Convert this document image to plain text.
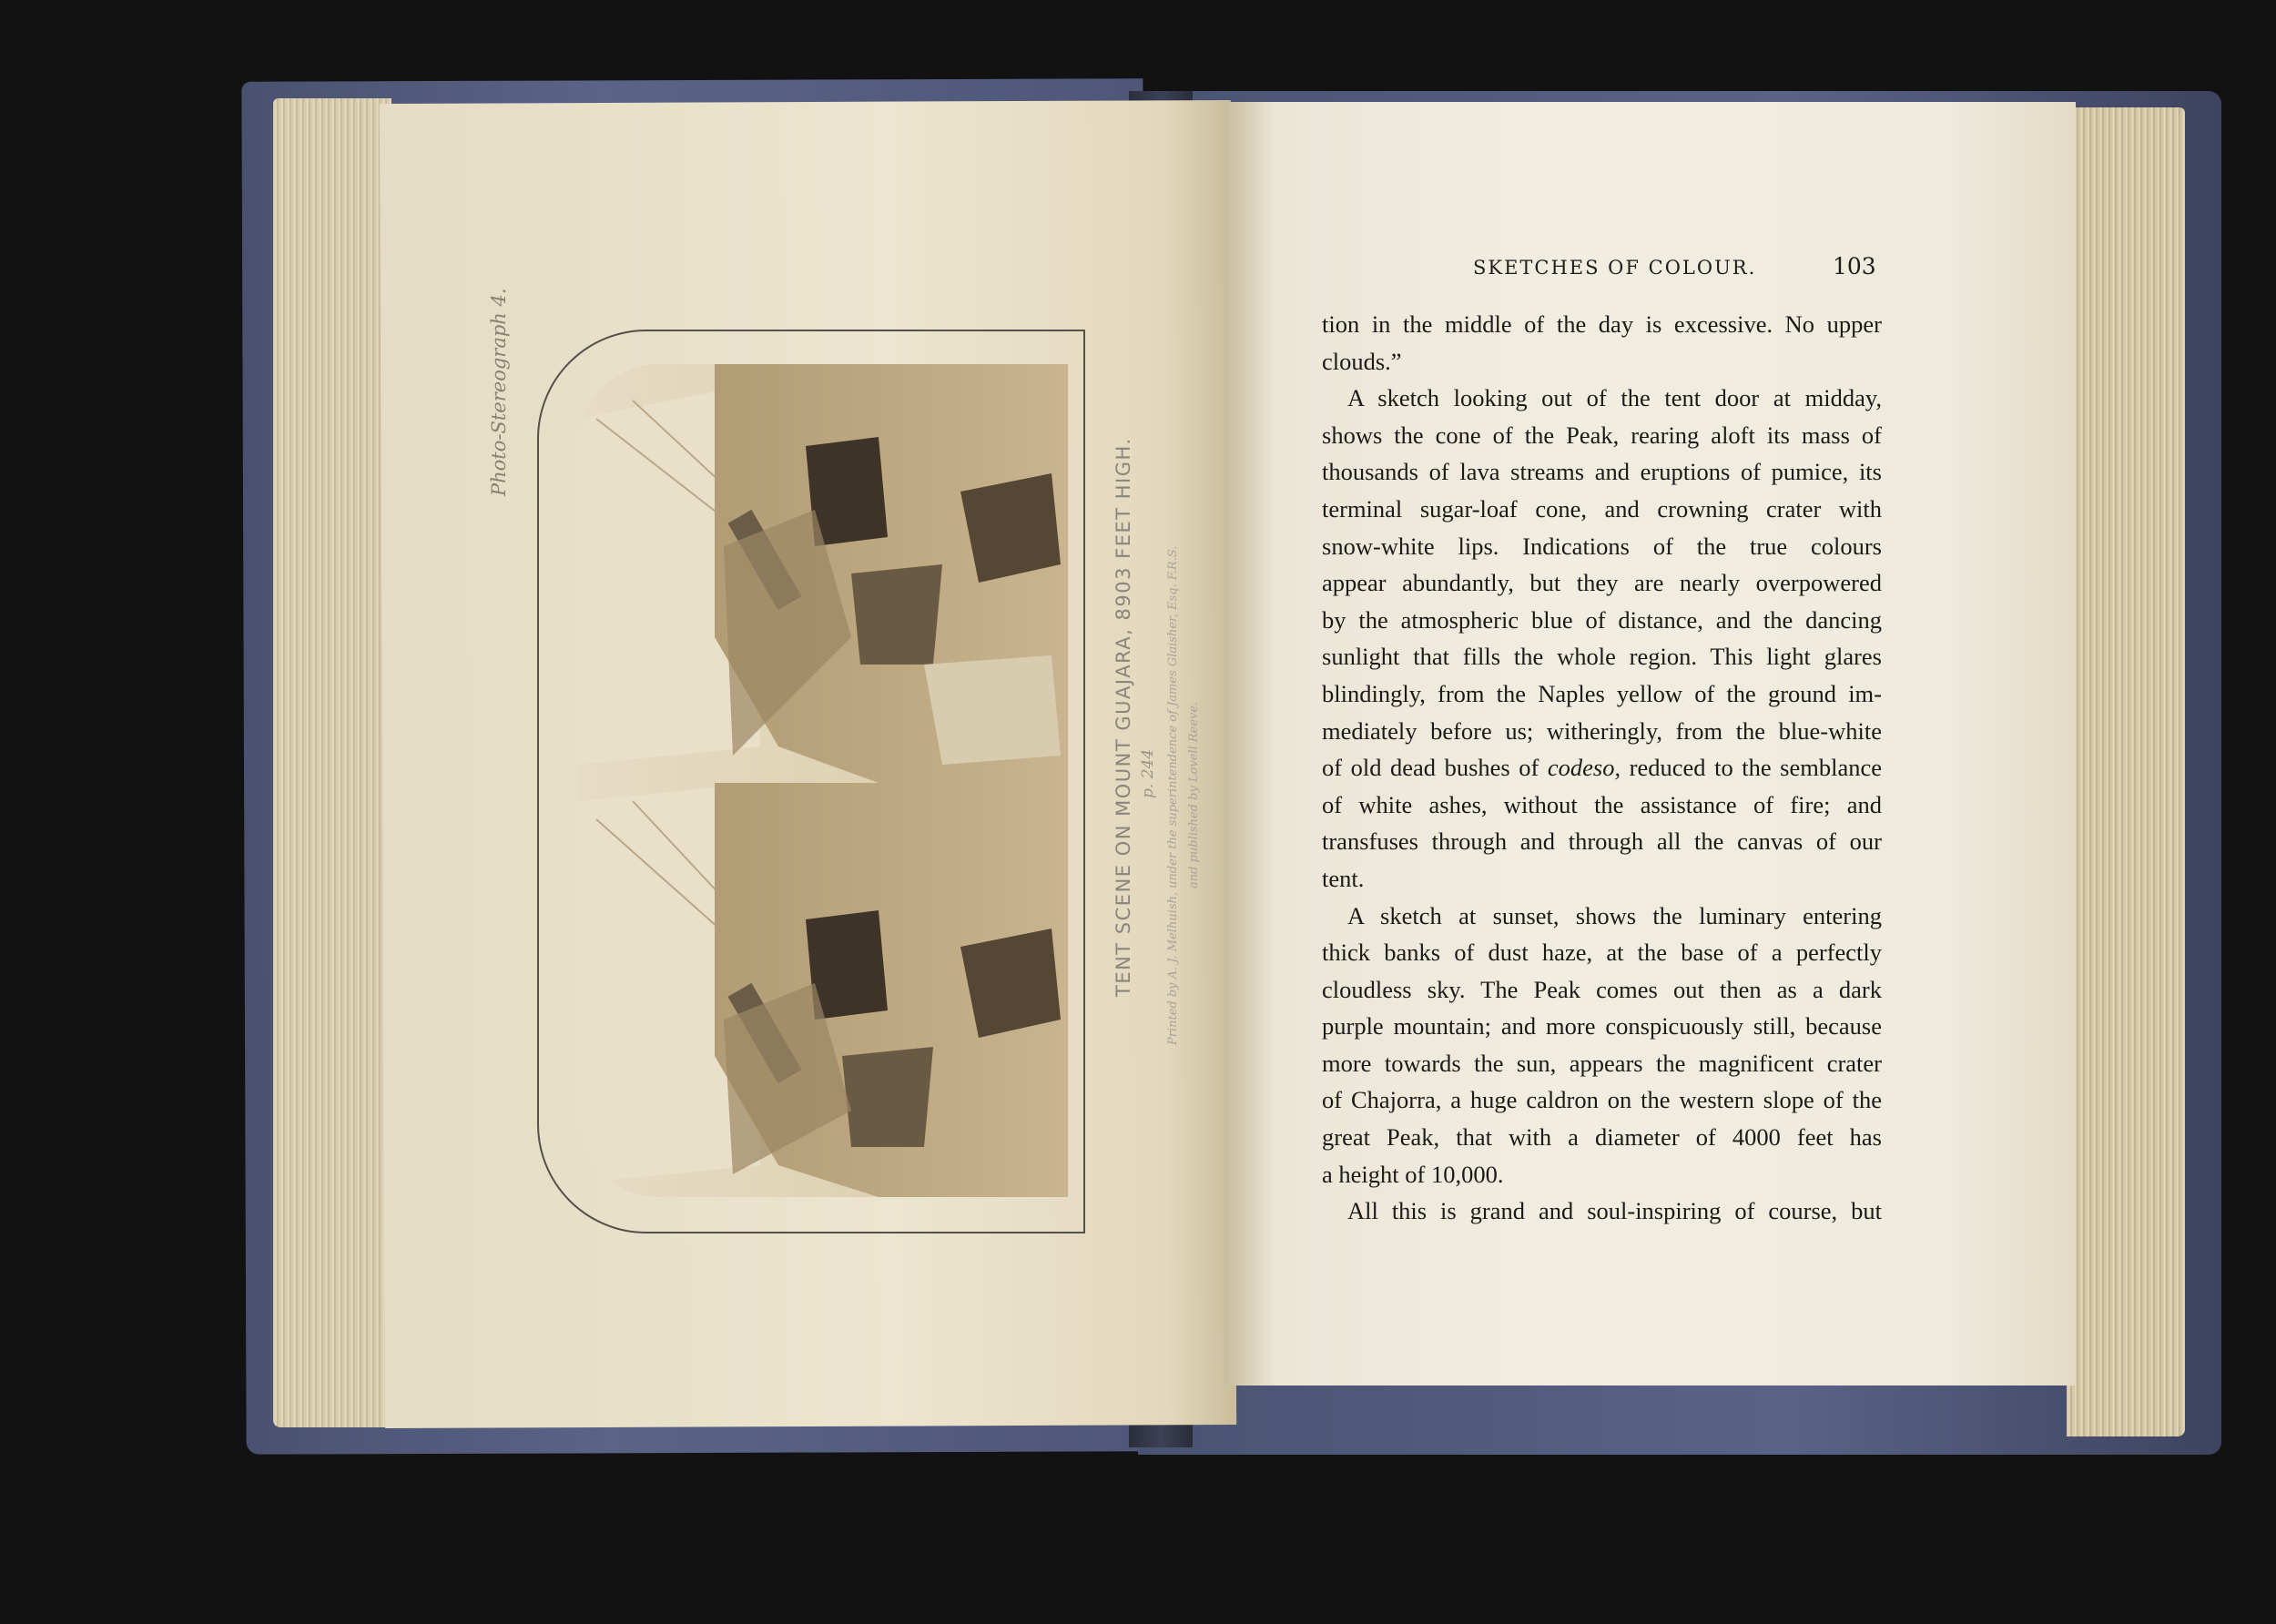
Photo-Stereograph 4.
TENT SCENE ON MOUNT GUAJARA, 8903 FEET HIGH. p. 244 Printed by A. J. Melhuish, under the superintendence of James Glaisher, Esq. F.R.S. and published by Lovell Reeve.
SKETCHES OF COLOUR.	103
tion in the middle of the day is excessive. No upper
clouds.”
A sketch looking out of the tent door at midday,
shows the cone of the Peak, rearing aloft its mass of
thousands of lava streams and eruptions of pumice, its
terminal sugar-loaf cone, and crowning crater with
snow-white lips. Indications of the true colours
appear abundantly, but they are nearly overpowered
by the atmospheric blue of distance, and the dancing
sunlight that fills the whole region. This light glares
blindingly, from the Naples yellow of the ground im-
mediately before us; witheringly, from the blue-white
of old dead bushes of codeso, reduced to the semblance
of white ashes, without the assistance of fire; and
transfuses through and through all the canvas of our
tent.
A sketch at sunset, shows the luminary entering
thick banks of dust haze, at the base of a perfectly
cloudless sky. The Peak comes out then as a dark
purple mountain; and more conspicuously still, because
more towards the sun, appears the magnificent crater
of Chajorra, a huge caldron on the western slope of the
great Peak, that with a diameter of 4000 feet has
a height of 10,000.
All this is grand and soul-inspiring of course, but
